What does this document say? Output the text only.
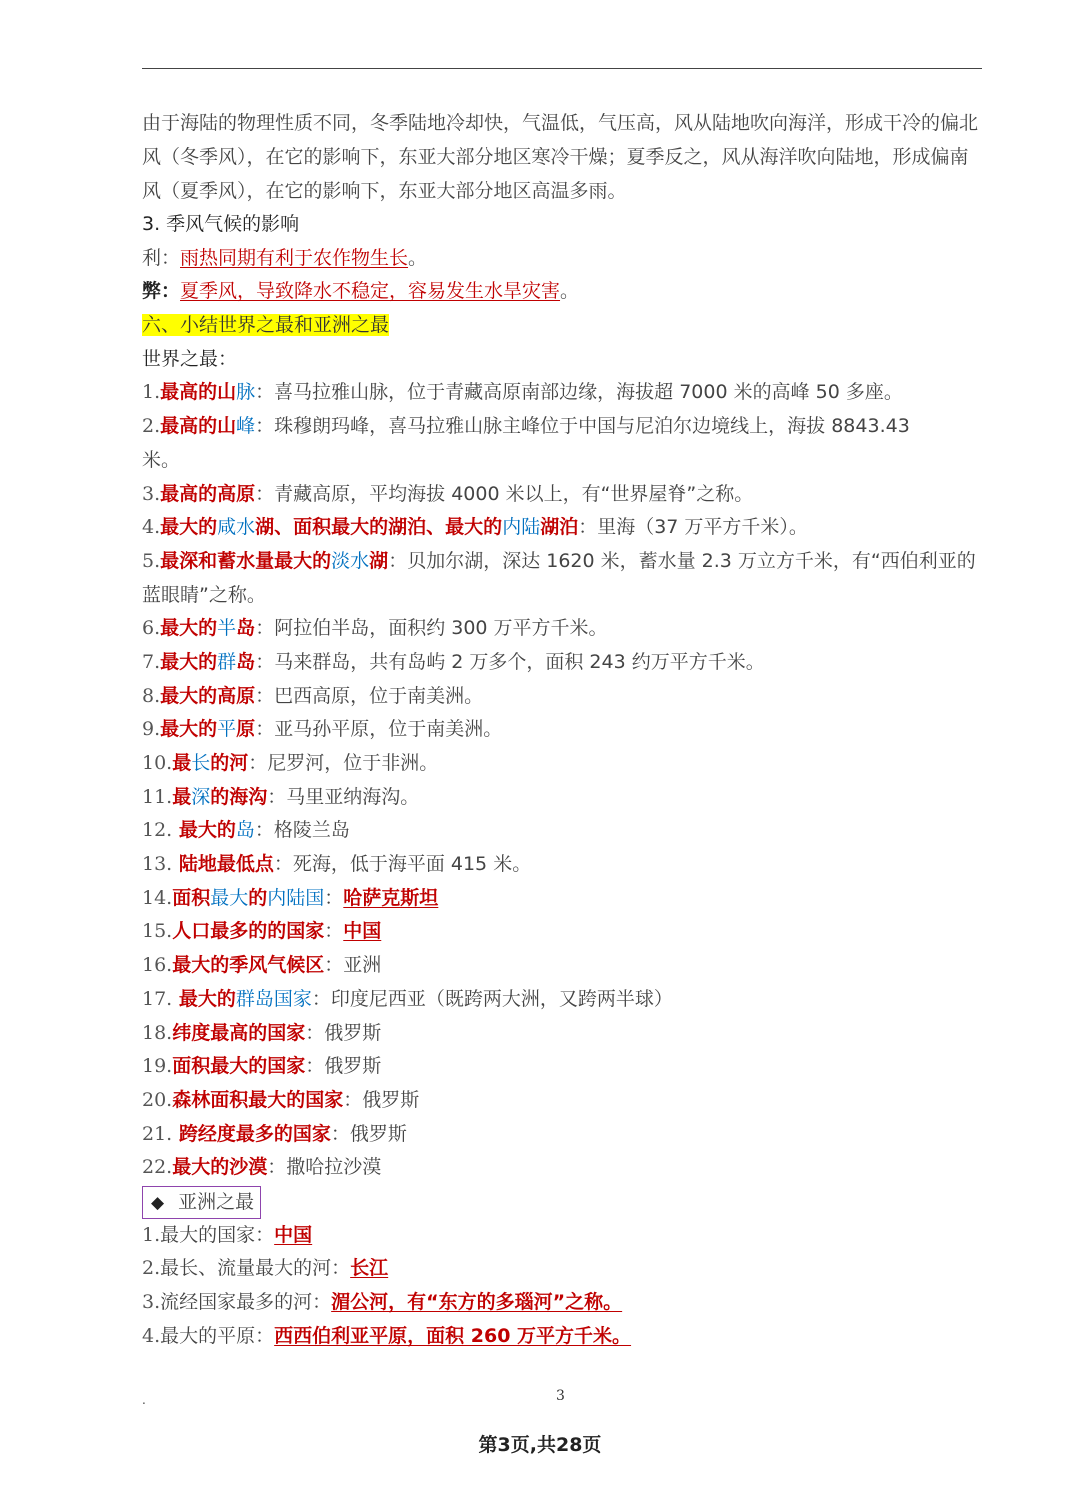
由于海陆的物理性质不同，冬季陆地冷却快，气温低，气压高，风从陆地吹向海洋，形成干冷的偏北风（冬季风），在它的影响下，东亚大部分地区寒冷干燥；夏季反之，风从海洋吹向陆地，形成偏南风（夏季风），在它的影响下，东亚大部分地区高温多雨。

3. 季风气候的影响
利：雨热同期有利于农作物生长。
弊：夏季风，导致降水不稳定，容易发生水旱灾害。
六、小结世界之最和亚洲之最
世界之最：
1.最高的山脉：喜马拉雅山脉，位于青藏高原南部边缘，海拔超 7000 米的高峰 50 多座。
2.最高的山峰：珠穆朗玛峰，喜马拉雅山脉主峰位于中国与尼泊尔边境线上，海拔 8843.43
米。
3.最高的高原：青藏高原，平均海拔 4000 米以上，有“世界屋脊”之称。
4.最大的咸水湖、面积最大的湖泊、最大的内陆湖泊：里海（37 万平方千米）。
5.最深和蓄水量最大的淡水湖：贝加尔湖，深达 1620 米，蓄水量 2.3 万立方千米，有“西伯利亚的
蓝眼睛”之称。
6.最大的半岛：阿拉伯半岛，面积约 300 万平方千米。
7.最大的群岛：马来群岛，共有岛屿 2 万多个，面积 243 约万平方千米。
8.最大的高原：巴西高原，位于南美洲。
9.最大的平原：亚马孙平原，位于南美洲。
10.最长的河：尼罗河，位于非洲。
11.最深的海沟：马里亚纳海沟。
12. 最大的岛：格陵兰岛
13. 陆地最低点：死海，低于海平面 415 米。
14.面积最大的内陆国：哈萨克斯坦
15.人口最多的的国家：中国
16.最大的季风气候区：亚洲
17. 最大的群岛国家：印度尼西亚（既跨两大洲，又跨两半球）
18.纬度最高的国家：俄罗斯
19.面积最大的国家：俄罗斯
20.森林面积最大的国家：俄罗斯
21. 跨经度最多的国家：俄罗斯
22.最大的沙漠：撒哈拉沙漠
◆ 亚洲之最
1.最大的国家：中国
2.最长、流量最大的河：长江
3.流经国家最多的河：湄公河，有“东方的多瑙河”之称。
4.最大的平原：西西伯利亚平原，面积 260 万平方千米。
.	3
第3页,共28页
